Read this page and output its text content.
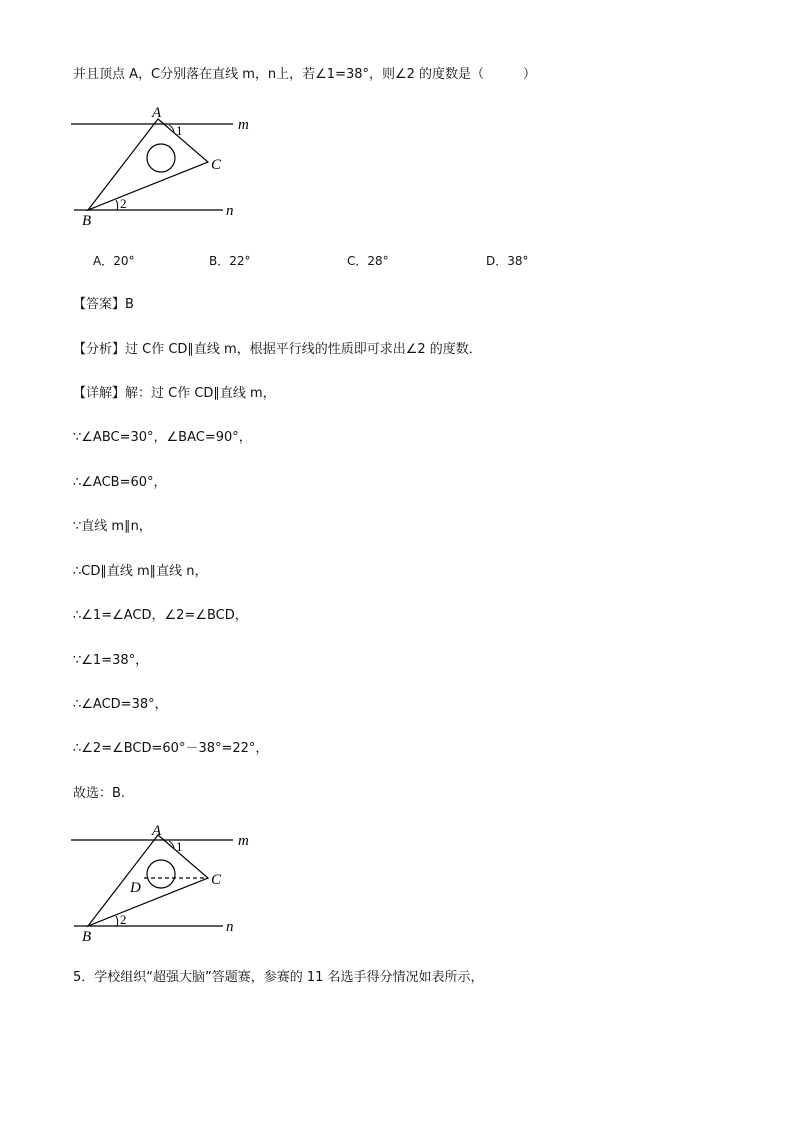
并且顶点 A，C分别落在直线 m，n上，若∠1=38°，则∠2 的度数是（　　　）
A
B
C
m
n
1
2
A．20°	B．22°	C．28°	D．38°
【答案】B
【分析】过 C作 CD∥直线 m，根据平行线的性质即可求出∠2 的度数．
【详解】解：过 C作 CD∥直线 m，
∵∠ABC=30°，∠BAC=90°，
∴∠ACB=60°，
∵直线 m∥n，
∴CD∥直线 m∥直线 n，
∴∠1=∠ACD，∠2=∠BCD，
∵∠1=38°，
∴∠ACD=38°，
∴∠2=∠BCD=60°－38°=22°，
故选：B.
A
B
C
D
m
n
1
2
5．学校组织“超强大脑”答题赛，参赛的 11 名选手得分情况如表所示，
